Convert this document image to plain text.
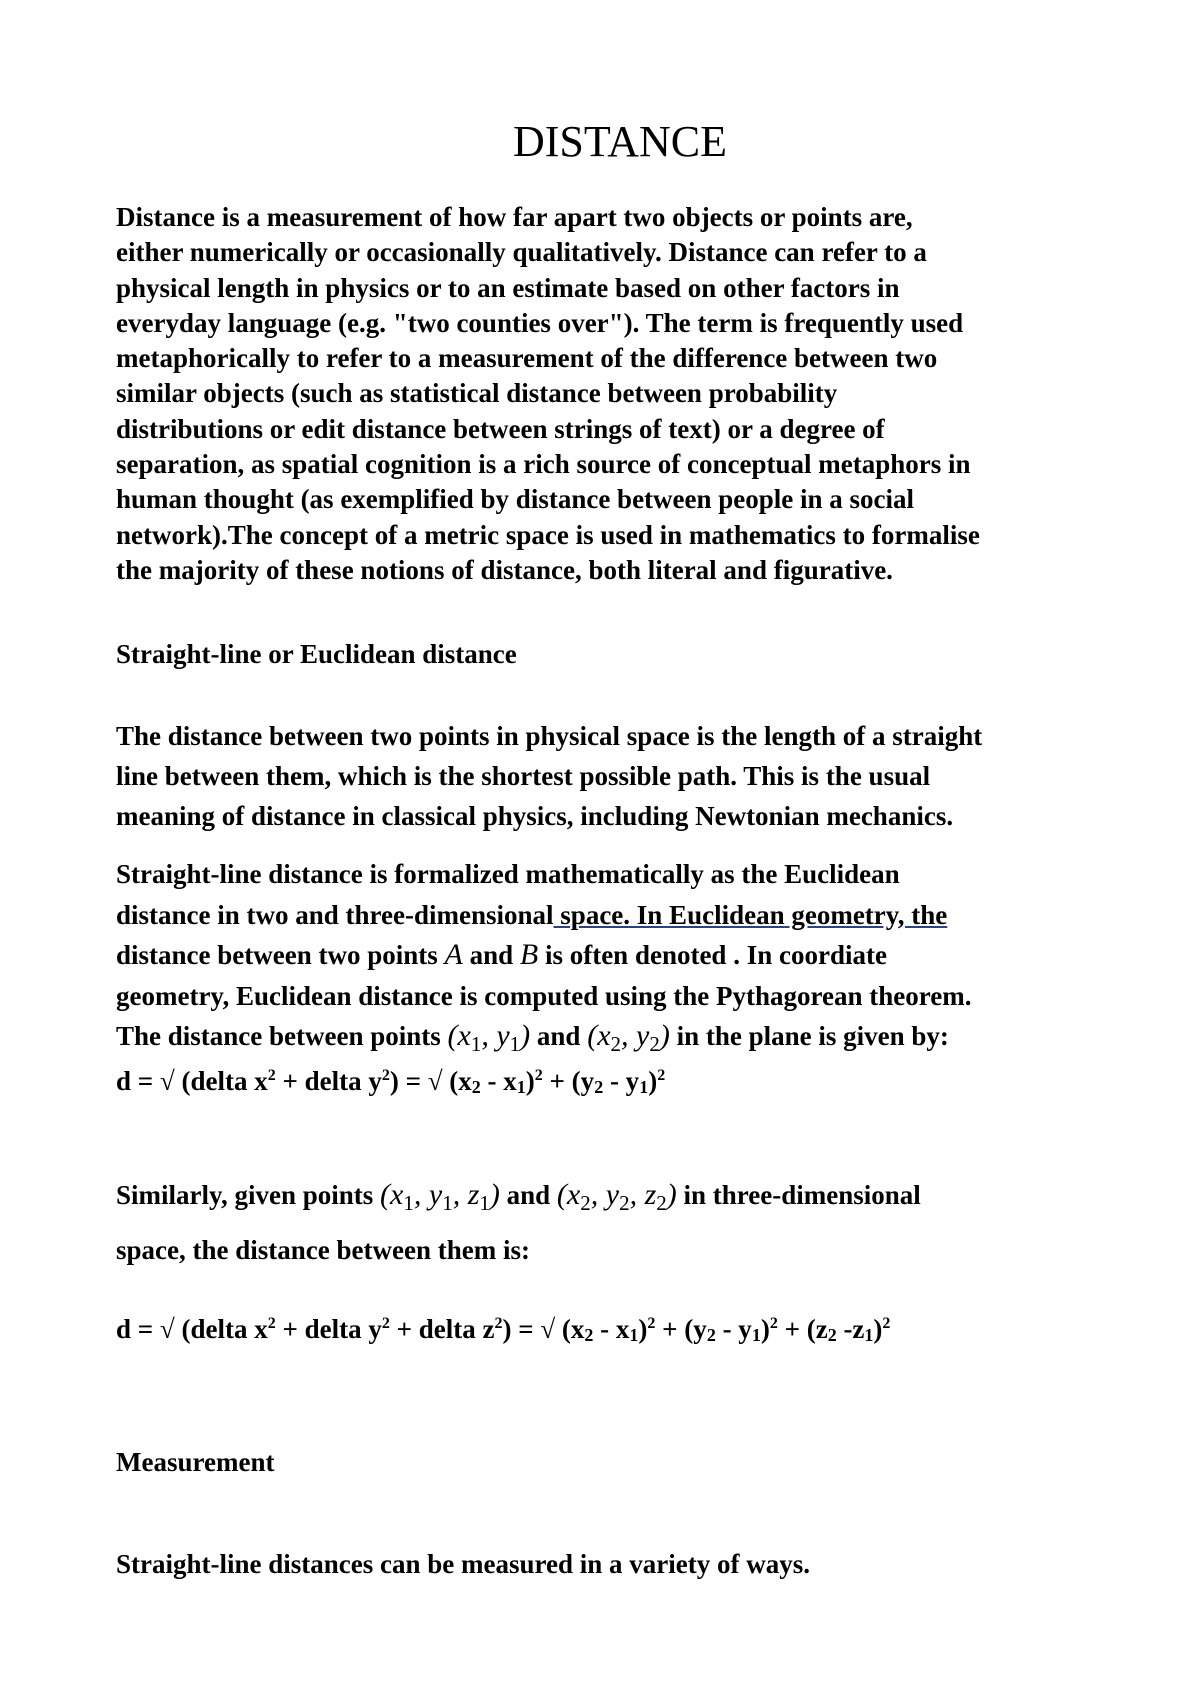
DISTANCE

Distance is a measurement of how far apart two objects or points are,
either numerically or occasionally qualitatively. Distance can refer to a
physical length in physics or to an estimate based on other factors in
everyday language (e.g. "two counties over"). The term is frequently used
metaphorically to refer to a measurement of the difference between two
similar objects (such as statistical distance between probability
distributions or edit distance between strings of text) or a degree of
separation, as spatial cognition is a rich source of conceptual metaphors in
human thought (as exemplified by distance between people in a social
network).The concept of a metric space is used in mathematics to formalise
the majority of these notions of distance, both literal and figurative.

Straight-line or Euclidean distance

The distance between two points in physical space is the length of a straight
line between them, which is the shortest possible path. This is the usual
meaning of distance in classical physics, including Newtonian mechanics.

Straight-line distance is formalized mathematically as the Euclidean
distance in two and three-dimensional space. In Euclidean geometry, the
distance between two points A and B is often denoted . In coordiate
geometry, Euclidean distance is computed using the Pythagorean theorem.
The distance between points ($x_1$, $y_1$) and ($x_2$, $y_2$) in the plane is given by:

d = √ (delta $x^2$ + delta $y^2$) = √ (x2 - x1)$^2$ + (y2 - y1)$^2$

Similarly, given points ($x_1$, $y_1$, $z_1$) and ($x_2$, $y_2$, $z_2$) in three-dimensional
space, the distance between them is:

d = √ (delta $x^2$ + delta $y^2$ + delta $z^2$) = √ (x2 - x1)$^2$ + (y2 - y1)$^2$ + (z2 -z1)$^2$

Measurement

Straight-line distances can be measured in a variety of ways.
